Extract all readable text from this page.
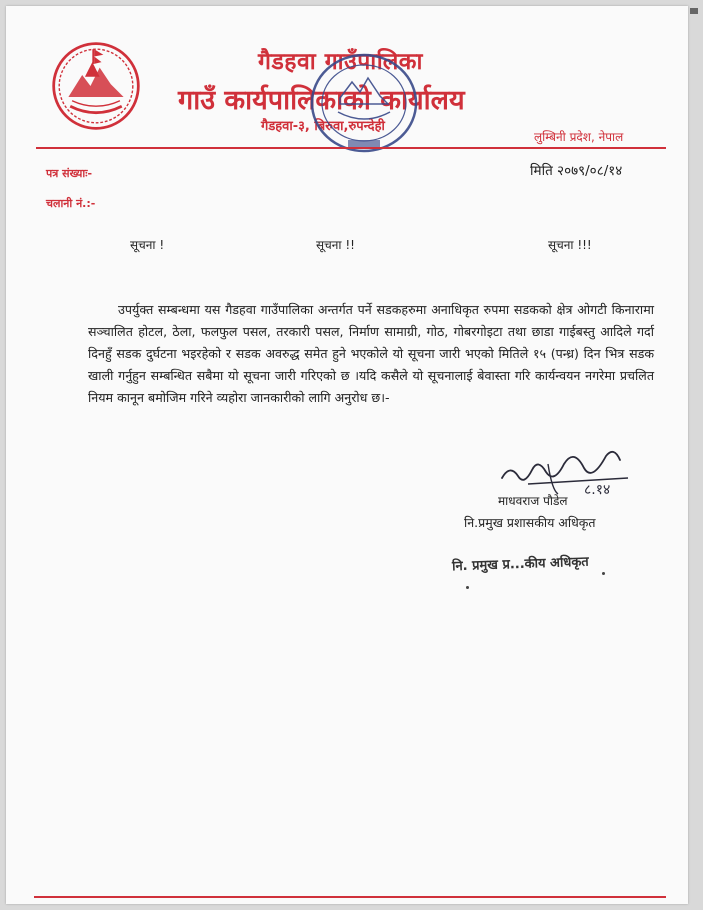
गैडहवा गाउँपालिका
गाउँ कार्यपालिकाको कार्यालय
गैडहवा-३, बिरुवा,रुपन्देही
लुम्बिनी प्रदेश, नेपाल
पत्र संख्याः-
चलानी नं.:-
मिति २०७९/०८/१४
सूचना !	सूचना !!	सूचना !!!
उपर्युक्त सम्बन्धमा यस गैडहवा गाउँपालिका अन्तर्गत पर्ने सडकहरुमा अनाधिकृत रुपमा सडकको क्षेत्र ओगटी किनारामा सञ्चालित होटल, ठेला, फलफुल पसल, तरकारी पसल, निर्माण सामाग्री, गोठ, गोबरगोइटा तथा छाडा गाईबस्तु आदिले गर्दा दिनहुँ सडक दुर्घटना भइरहेको र सडक अवरुद्ध समेत हुने भएकोले यो सूचना जारी भएको मितिले १५ (पन्ध्र) दिन भित्र सडक खाली गर्नुहुन सम्बन्धित सबैमा यो सूचना जारी गरिएको छ ।यदि कसैले यो सूचनालाई बेवास्ता गरि कार्यन्वयन नगरेमा प्रचलित नियम कानून बमोजिम गरिने व्यहोरा जानकारीको लागि अनुरोध छ।-
८.१४
माधवराज पौडेल
नि.प्रमुख प्रशासकीय अधिकृत
नि. प्रमुख प्र...कीय अधिकृत
